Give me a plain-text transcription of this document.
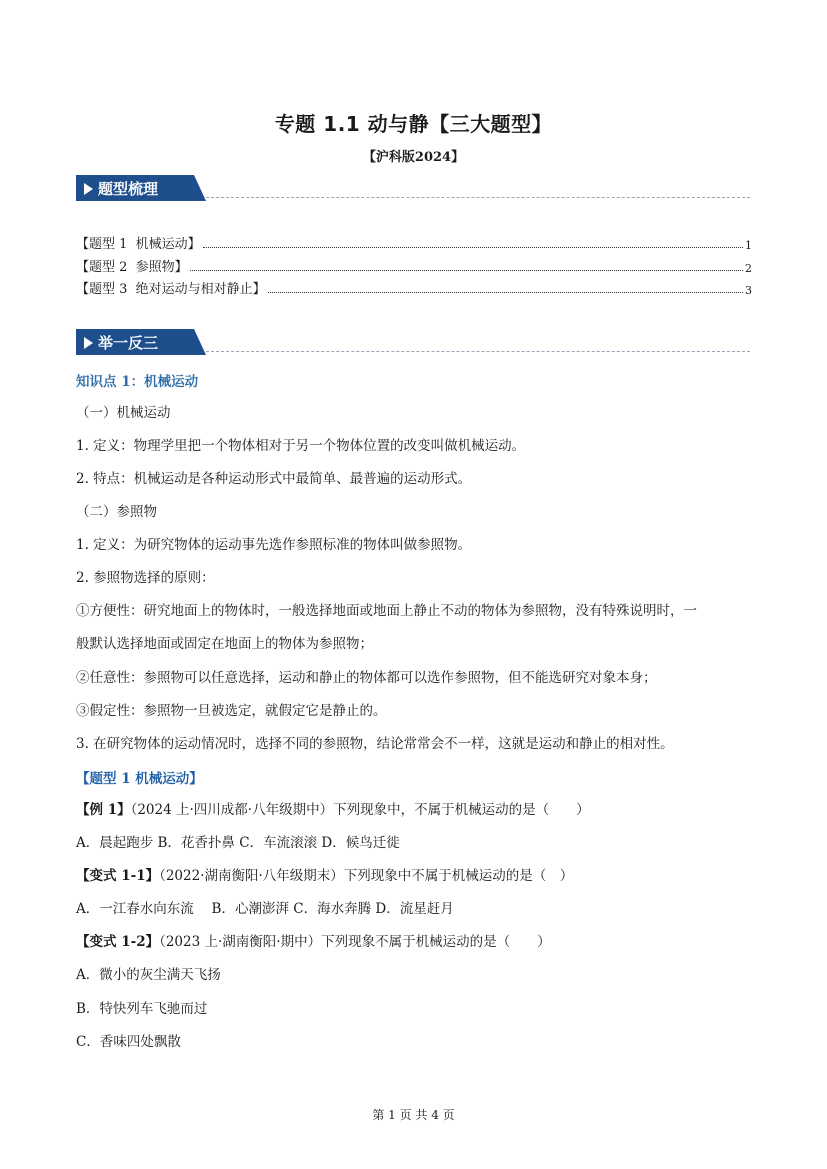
专题 1.1 动与静【三大题型】
【沪科版2024】
题型梳理
【题型 1  机械运动】	1
【题型 2  参照物】	2
【题型 3  绝对运动与相对静止】	3
举一反三
知识点 1：机械运动
（一）机械运动
1. 定义：物理学里把一个物体相对于另一个物体位置的改变叫做机械运动。
2. 特点：机械运动是各种运动形式中最简单、最普遍的运动形式。
（二）参照物
1. 定义：为研究物体的运动事先选作参照标准的物体叫做参照物。
2. 参照物选择的原则：
①方便性：研究地面上的物体时，一般选择地面或地面上静止不动的物体为参照物，没有特殊说明时，一
般默认选择地面或固定在地面上的物体为参照物；
②任意性：参照物可以任意选择，运动和静止的物体都可以选作参照物，但不能选研究对象本身；
③假定性：参照物一旦被选定，就假定它是静止的。
3. 在研究物体的运动情况时，选择不同的参照物，结论常常会不一样，这就是运动和静止的相对性。
【题型 1 机械运动】
【例 1】（2024 上·四川成都·八年级期中）下列现象中，不属于机械运动的是（　　）
A．晨起跑步 B．花香扑鼻 C．车流滚滚 D．候鸟迁徙
【变式 1-1】（2022·湖南衡阳·八年级期末）下列现象中不属于机械运动的是（　）
A．一江春水向东流　 B．心潮澎湃 C．海水奔腾 D．流星赶月
【变式 1-2】（2023 上·湖南衡阳·期中）下列现象不属于机械运动的是（　　）
A．微小的灰尘满天飞扬
B．特快列车飞驰而过
C．香味四处飘散
第 1 页 共 4 页
